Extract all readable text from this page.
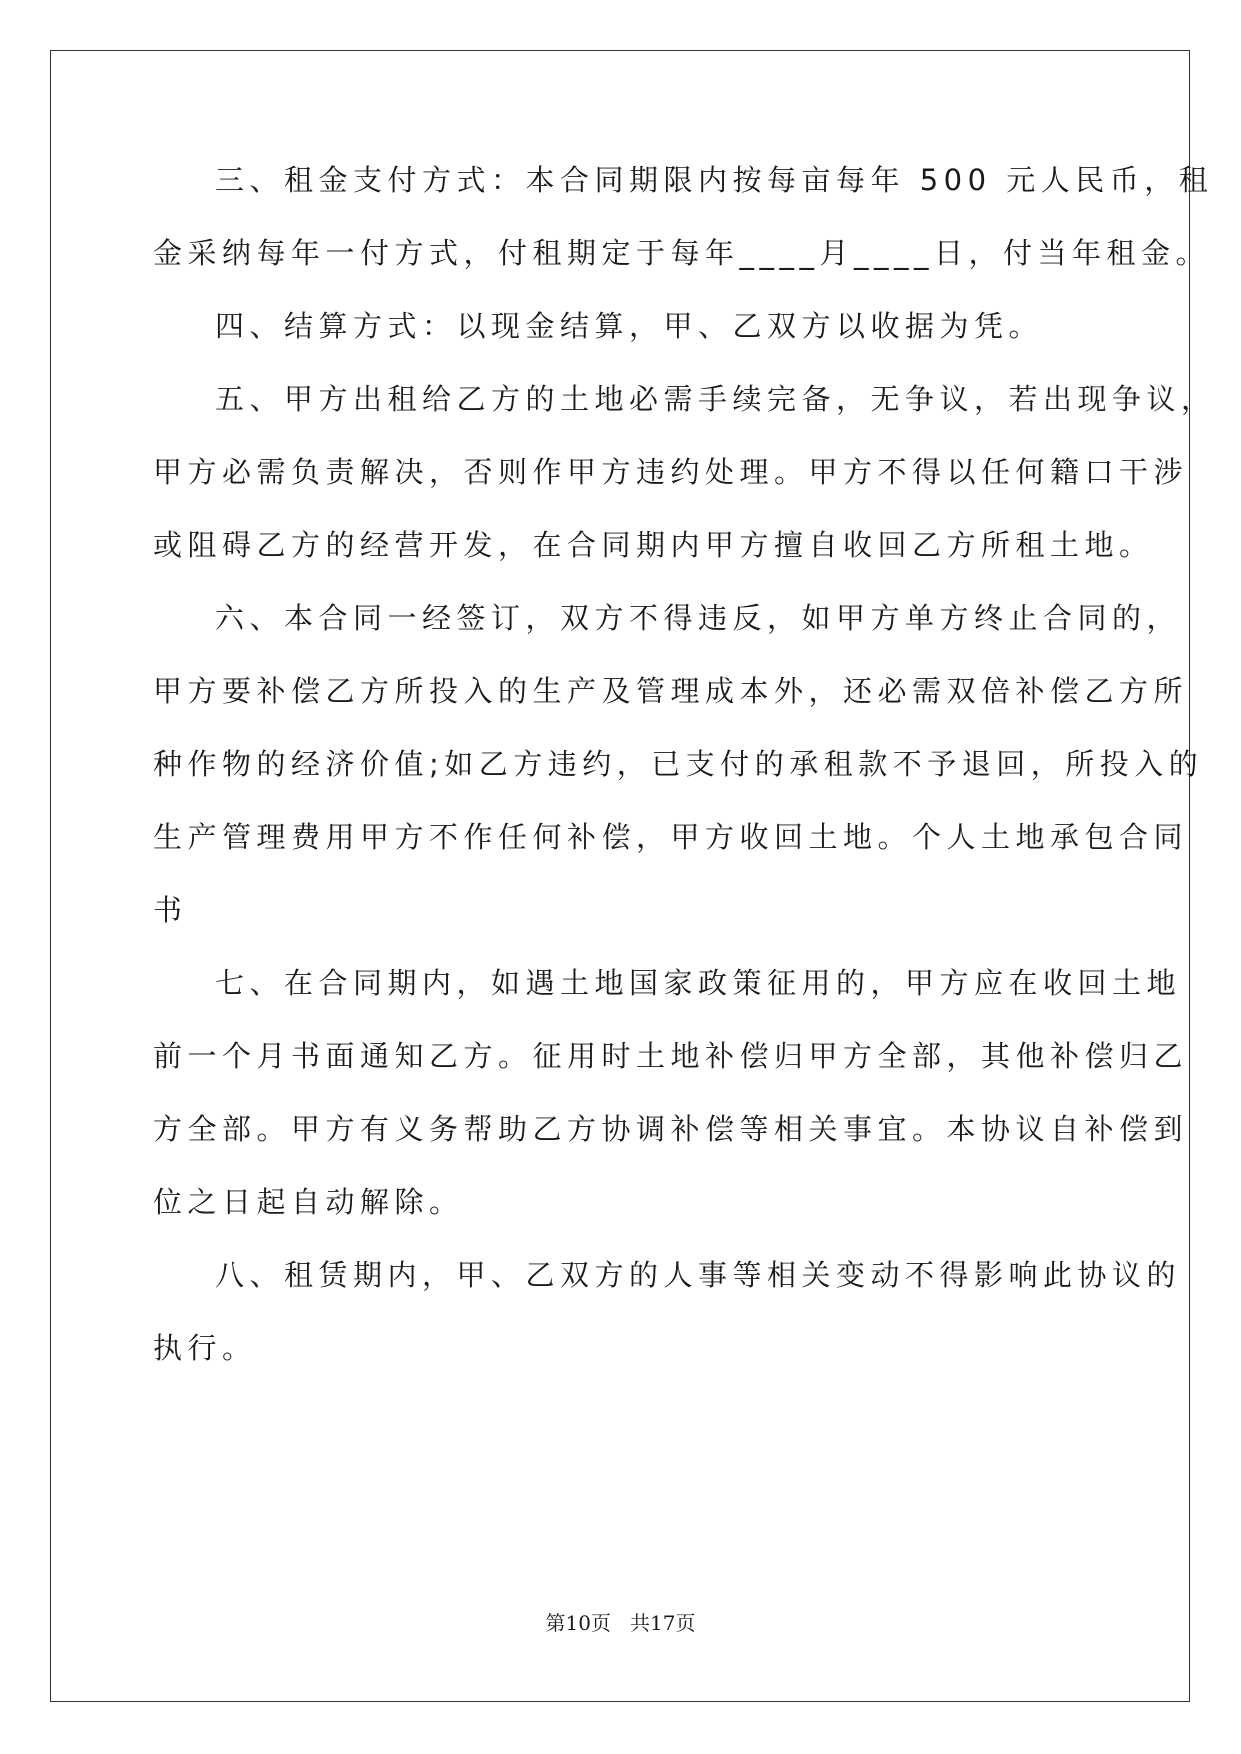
三、租金支付方式：本合同期限内按每亩每年 500 元人民币，租
金采纳每年一付方式，付租期定于每年____月____日，付当年租金。
四、结算方式：以现金结算，甲、乙双方以收据为凭。
五、甲方出租给乙方的土地必需手续完备，无争议，若出现争议，
甲方必需负责解决，否则作甲方违约处理。甲方不得以任何籍口干涉
或阻碍乙方的经营开发，在合同期内甲方擅自收回乙方所租土地。
六、本合同一经签订，双方不得违反，如甲方单方终止合同的，
甲方要补偿乙方所投入的生产及管理成本外，还必需双倍补偿乙方所
种作物的经济价值;如乙方违约，已支付的承租款不予退回，所投入的
生产管理费用甲方不作任何补偿，甲方收回土地。个人土地承包合同
书
七、在合同期内，如遇土地国家政策征用的，甲方应在收回土地
前一个月书面通知乙方。征用时土地补偿归甲方全部，其他补偿归乙
方全部。甲方有义务帮助乙方协调补偿等相关事宜。本协议自补偿到
位之日起自动解除。
八、租赁期内，甲、乙双方的人事等相关变动不得影响此协议的
执行。
第10页   共17页
